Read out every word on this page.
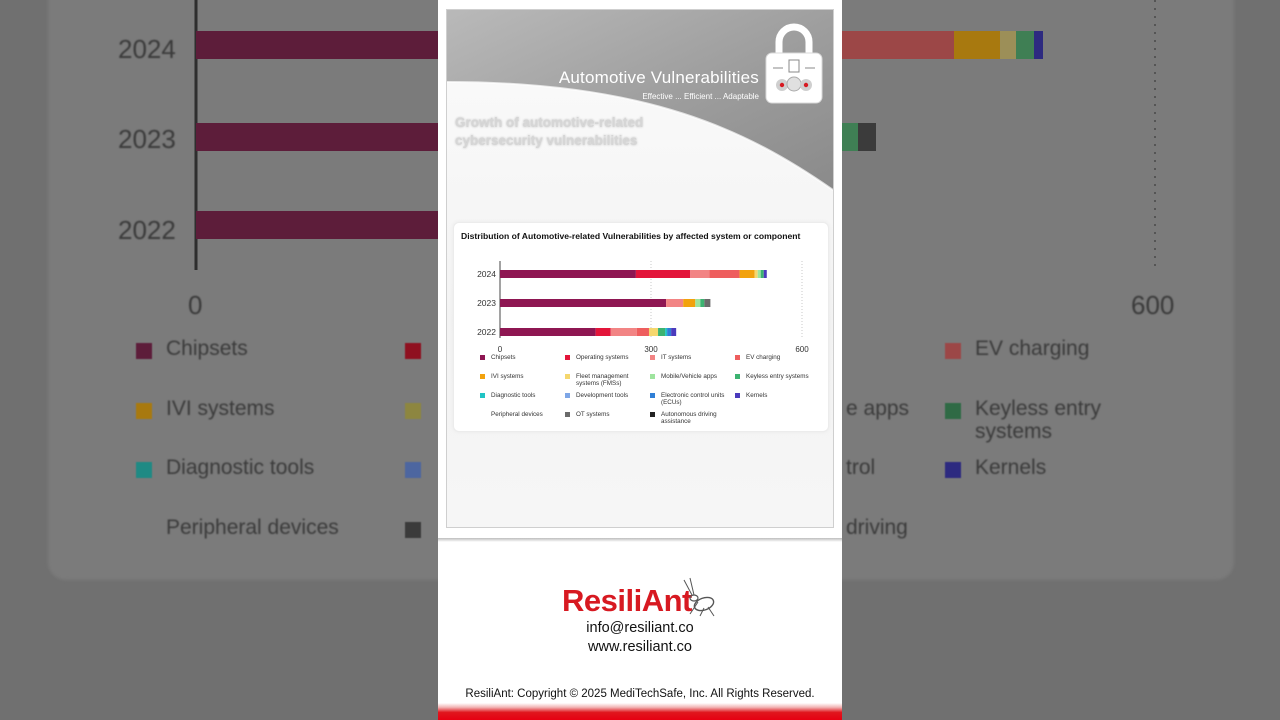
2024
2023
2022
0	600
Chipsets
IVI systems
Diagnostic tools
Peripheral devices
e apps
trol
driving
EV charging
Keyless entry systems
Kernels
Automotive Vulnerabilities
Effective ... Efficient ... Adaptable
Growth of automotive-related cybersecurity vulnerabilities
Distribution of Automotive-related Vulnerabilities by affected system or component
2024
2023
2022
0	300	600
Chipsets	Operating systems	IT systems	EV charging
IVI systems	Fleet management systems (FMSs)
Mobile/Vehicle apps	Keyless entry systems
Diagnostic tools	Development tools	Electronic control units (ECUs)
Kernels
Peripheral devices	OT systems	Autonomous driving assistance
ResiliAnt
info@resiliant.co
www.resiliant.co
ResiliAnt: Copyright © 2025 MediTechSafe, Inc. All Rights Reserved.
